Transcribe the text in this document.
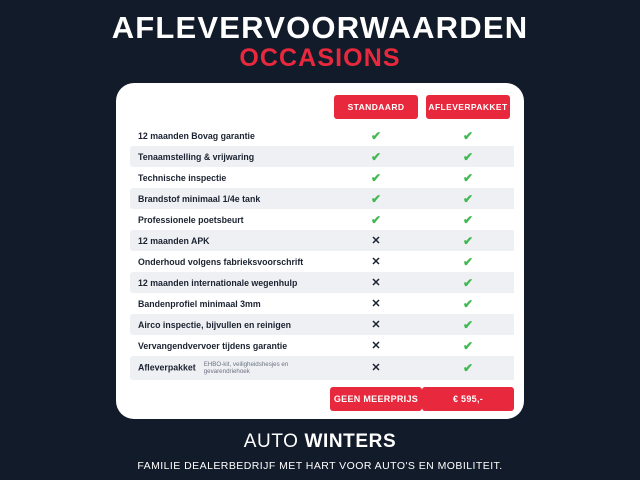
AFLEVERVOORWAARDEN
OCCASIONS

	STANDAARD	AFLEVERPAKKET

12 maanden Bovag garantie	✔	✔
Tenaamstelling & vrijwaring	✔	✔
Technische inspectie	✔	✔
Brandstof minimaal 1/4e tank	✔	✔
Professionele poetsbeurt	✔	✔
12 maanden APK	✕	✔
Onderhoud volgens fabrieksvoorschrift	✕	✔
12 maanden internationale wegenhulp	✕	✔
Bandenprofiel minimaal 3mm	✕	✔
Airco inspectie, bijvullen en reinigen	✕	✔
Vervangendvervoer tijdens garantie	✕	✔
Afleverpakket EHBO-kit, veiligheidshesjes en gevarendriehoek	✕	✔

	GEEN MEERPRIJS	€ 595,-
AUTO WINTERS
FAMILIE DEALERBEDRIJF MET HART VOOR AUTO'S EN MOBILITEIT.
